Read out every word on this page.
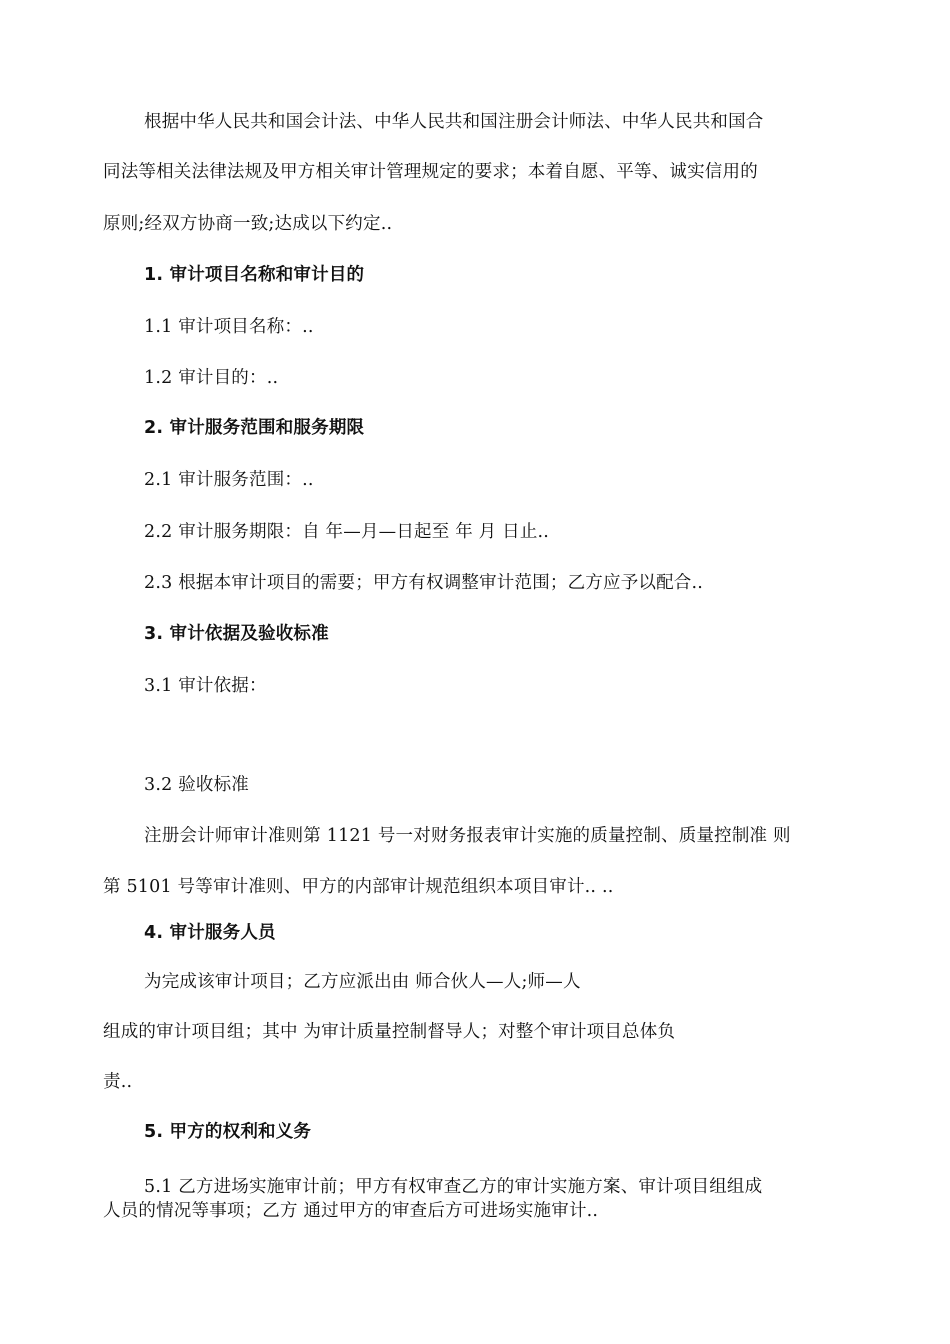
根据中华人民共和国会计法、中华人民共和国注册会计师法、中华人民共和国合
同法等相关法律法规及甲方相关审计管理规定的要求；本着自愿、平等、诚实信用的
原则;经双方协商一致;达成以下约定..
1. 审计项目名称和审计目的
1.1 审计项目名称：..
1.2 审计目的：..
2. 审计服务范围和服务期限
2.1 审计服务范围：..
2.2 审计服务期限：自 年—月—日起至 年 月 日止..
2.3 根据本审计项目的需要；甲方有权调整审计范围；乙方应予以配合..
3. 审计依据及验收标准
3.1 审计依据：
3.2 验收标准
注册会计师审计准则第 1121 号一对财务报表审计实施的质量控制、质量控制准 则
第 5101 号等审计准则、甲方的内部审计规范组织本项目审计.. ..
4. 审计服务人员
为完成该审计项目；乙方应派出由 师合伙人—人;师—人
组成的审计项目组；其中 为审计质量控制督导人；对整个审计项目总体负
责..
5. 甲方的权利和义务
5.1 乙方进场实施审计前；甲方有权审查乙方的审计实施方案、审计项目组组成
人员的情况等事项；乙方 通过甲方的审查后方可进场实施审计..
